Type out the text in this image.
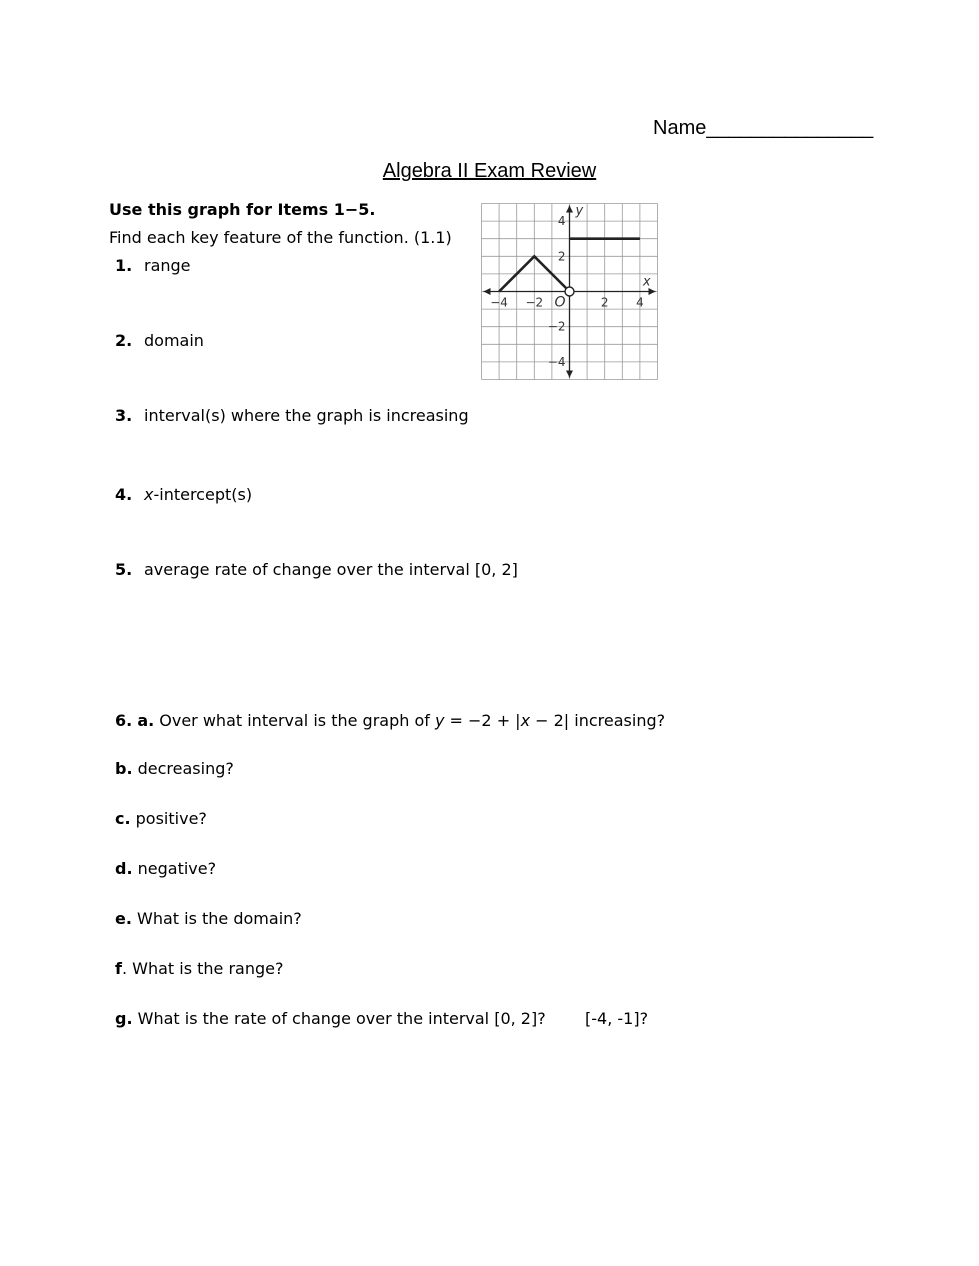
Name_______________
Algebra II Exam Review
Use this graph for Items 1−5.
Find each key feature of the function. (1.1)
1. range
2. domain
3. interval(s) where the graph is increasing
4. x-intercept(s)
5. average rate of change over the interval [0, 2]
−4 −2	2 4
4
2
−2
−4
x
y
O
6. a. Over what interval is the graph of y = −2 + |x − 2| increasing?
b. decreasing?
c. positive?
d. negative?
e. What is the domain?
f. What is the range?
g. What is the rate of change over the interval [0, 2]? [-4, -1]?
